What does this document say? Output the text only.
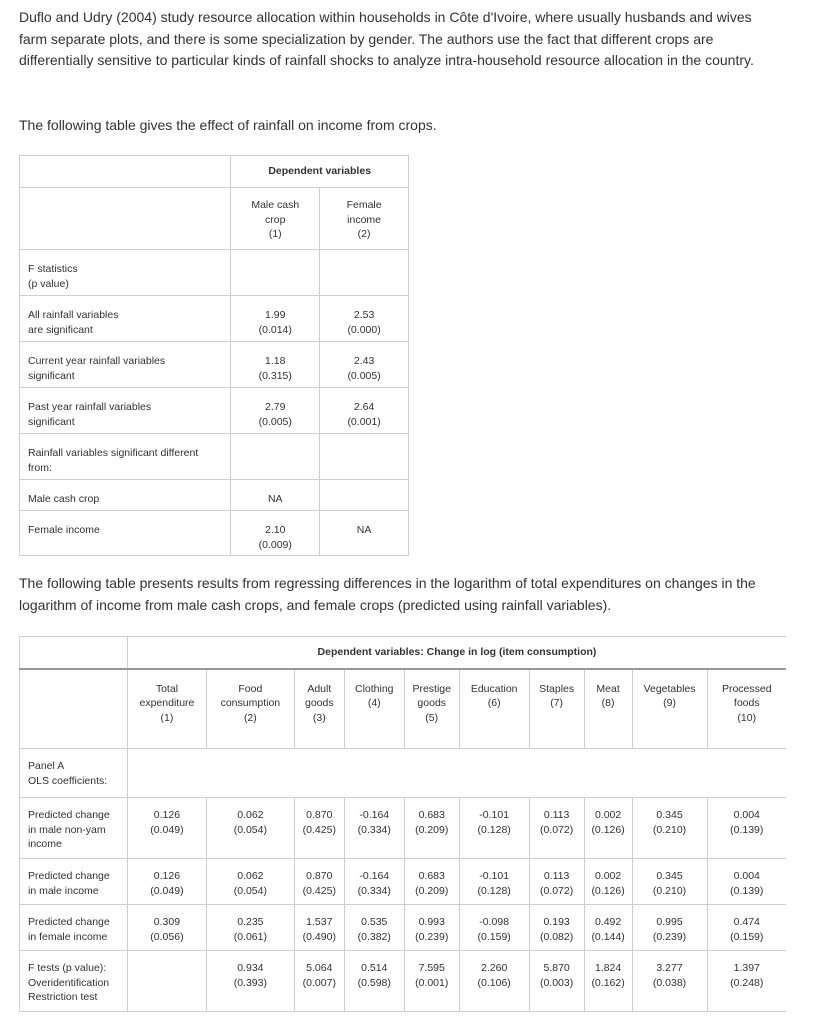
Duflo and Udry (2004) study resource allocation within households in Côte d'Ivoire, where usually husbands and wives farm separate plots, and there is some specialization by gender. The authors use the fact that different crops are differentially sensitive to particular kinds of rainfall shocks to analyze intra-household resource allocation in the country.

The following table gives the effect of rainfall on income from crops.

	Dependent variables	

	Male cash
crop
(1)	Female
income
(2)

F statistics
(p value)		

All rainfall variables
are significant	1.99
(0.014)	2.53
(0.000)

Current year rainfall variables
significant	1.18
(0.315)	2.43
(0.005)

Past year rainfall variables
significant	2.79
(0.005)	2.64
(0.001)

Rainfall variables significant different
from:		

Male cash crop	NA	

Female income	2.10
(0.009)	NA

The following table presents results from regressing differences in the logarithm of total expenditures on changes in the logarithm of income from male cash crops, and female crops (predicted using rainfall variables).

	Dependent variables: Change in log (item consumption)									

	Total
expenditure
(1)	Food
consumption
(2)	Adult
goods
(3)	Clothing
(4)	Prestige
goods
(5)	Education
(6)	Staples
(7)	Meat
(8)	Vegetables
(9)	Processed
foods
(10)

Panel A
OLS coefficients:										

Predicted change
in male non-yam
income	0.126
(0.049)	0.062
(0.054)	0.870
(0.425)	-0.164
(0.334)	0.683
(0.209)	-0.101
(0.128)	0.113
(0.072)	0.002
(0.126)	0.345
(0.210)	0.004
(0.139)

Predicted change
in male income	0.126
(0.049)	0.062
(0.054)	0.870
(0.425)	-0.164
(0.334)	0.683
(0.209)	-0.101
(0.128)	0.113
(0.072)	0.002
(0.126)	0.345
(0.210)	0.004
(0.139)

Predicted change
in female income	0.309
(0.056)	0.235
(0.061)	1.537
(0.490)	0.535
(0.382)	0.993
(0.239)	-0.098
(0.159)	0.193
(0.082)	0.492
(0.144)	0.995
(0.239)	0.474
(0.159)

F tests (p value):
Overidentification
Restriction test		0.934
(0.393)	5.064
(0.007)	0.514
(0.598)	7.595
(0.001)	2.260
(0.106)	5.870
(0.003)	1.824
(0.162)	3.277
(0.038)	1.397
(0.248)
